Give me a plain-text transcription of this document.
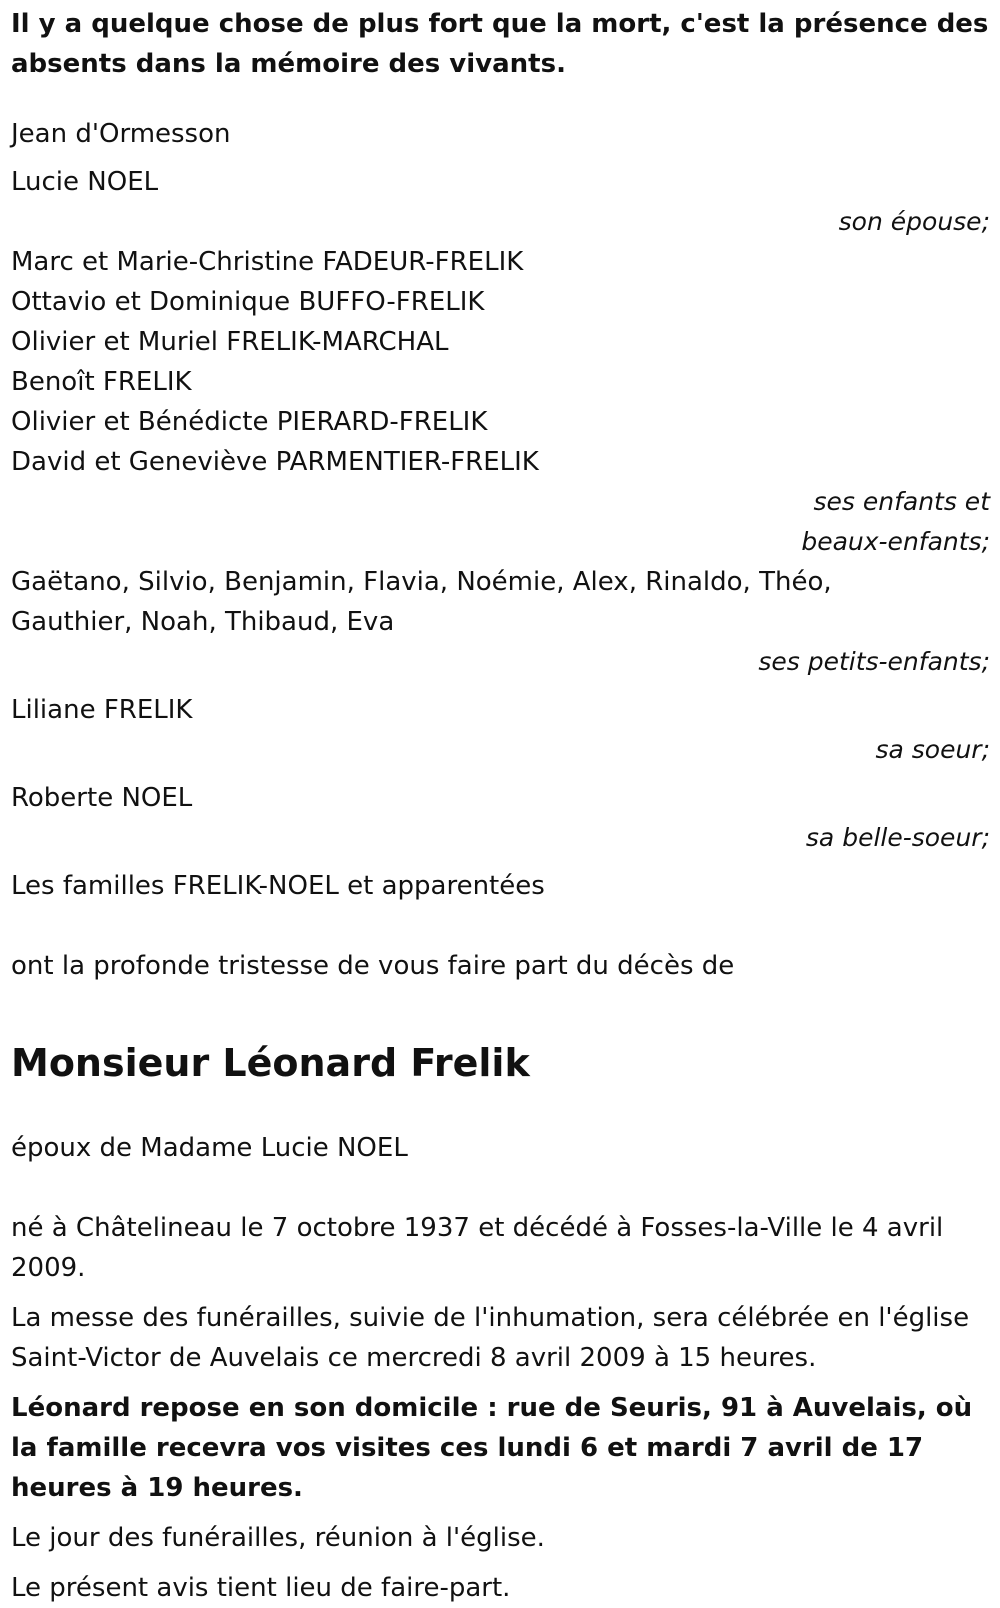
Il y a quelque chose de plus fort que la mort, c'est la présence des absents dans la mémoire des vivants.
Jean d'Ormesson
Lucie NOEL
son épouse;
Marc et Marie-Christine FADEUR-FRELIK
Ottavio et Dominique BUFFO-FRELIK
Olivier et Muriel FRELIK-MARCHAL
Benoît FRELIK
Olivier et Bénédicte PIERARD-FRELIK
David et Geneviève PARMENTIER-FRELIK
ses enfants et
beaux-enfants;
Gaëtano, Silvio, Benjamin, Flavia, Noémie, Alex, Rinaldo, Théo, Gauthier, Noah, Thibaud, Eva
ses petits-enfants;
Liliane FRELIK
sa soeur;
Roberte NOEL
sa belle-soeur;
Les familles FRELIK-NOEL et apparentées
ont la profonde tristesse de vous faire part du décès de
Monsieur Léonard Frelik
époux de Madame Lucie NOEL
né à Châtelineau le 7 octobre 1937 et décédé à Fosses-la-Ville le 4 avril 2009.
La messe des funérailles, suivie de l'inhumation, sera célébrée en l'église Saint-Victor de Auvelais ce mercredi 8 avril 2009 à 15 heures.
Léonard repose en son domicile : rue de Seuris, 91 à Auvelais, où la famille recevra vos visites ces lundi 6 et mardi 7 avril de 17 heures à 19 heures.
Le jour des funérailles, réunion à l'église.
Le présent avis tient lieu de faire-part.
